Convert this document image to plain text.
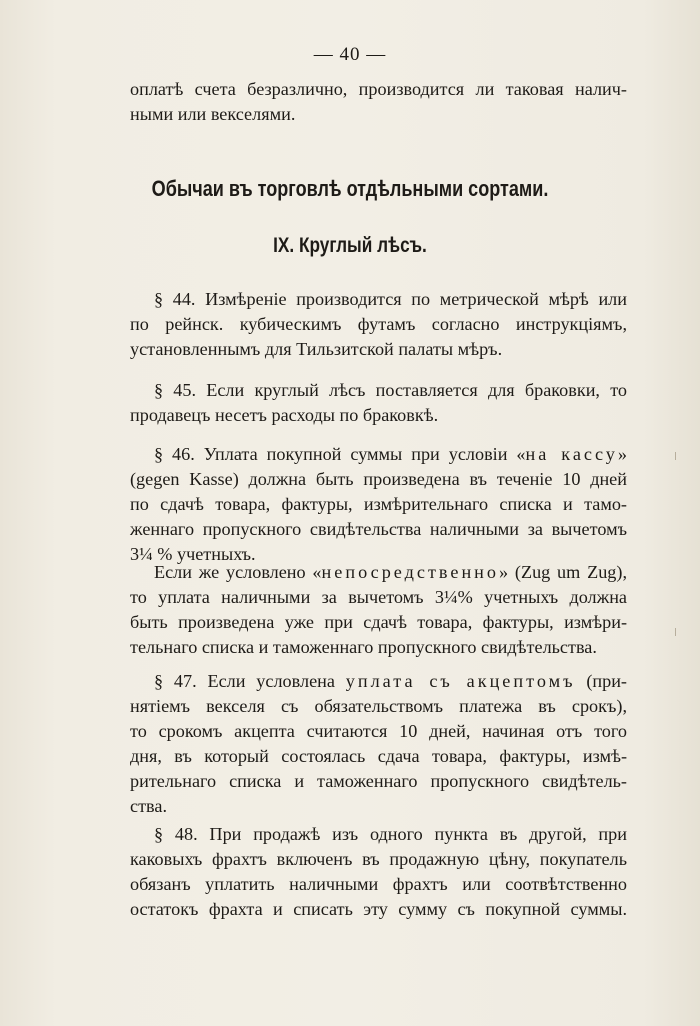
— 40 —
оплатѣ счета безразлично, производится ли таковая налич-
ными или векселями.
Обычаи въ торговлѣ отдѣльными сортами.
IX. Круглый лѣсъ.
§ 44. Измѣреніе производится по метрической мѣрѣ или
по рейнск. кубическимъ футамъ согласно инструкціямъ,
установленнымъ для Тильзитской палаты мѣръ.
§ 45. Если круглый лѣсъ поставляется для браковки, то
продавецъ несетъ расходы по браковкѣ.
§ 46. Уплата покупной суммы при условіи «на кассу»
(gegen Kasse) должна быть произведена въ теченіе 10 дней
по сдачѣ товара, фактуры, измѣрительнаго списка и тамо-
женнаго пропускного свидѣтельства наличными за вычетомъ
3¼ % учетныхъ.
Если же условлено «непосредственно» (Zug um Zug),
то уплата наличными за вычетомъ 3¼% учетныхъ должна
быть произведена уже при сдачѣ товара, фактуры, измѣри-
тельнаго списка и таможеннаго пропускного свидѣтельства.
§ 47. Если условлена уплата съ акцептомъ (при-
нятіемъ векселя съ обязательствомъ платежа въ срокъ),
то срокомъ акцепта считаются 10 дней, начиная отъ того
дня, въ который состоялась сдача товара, фактуры, измѣ-
рительнаго списка и таможеннаго пропускного свидѣтель-
ства.
§ 48. При продажѣ изъ одного пункта въ другой, при
каковыхъ фрахтъ включенъ въ продажную цѣну, покупатель
обязанъ уплатить наличными фрахтъ или соотвѣтственно
остатокъ фрахта и списать эту сумму съ покупной суммы.
